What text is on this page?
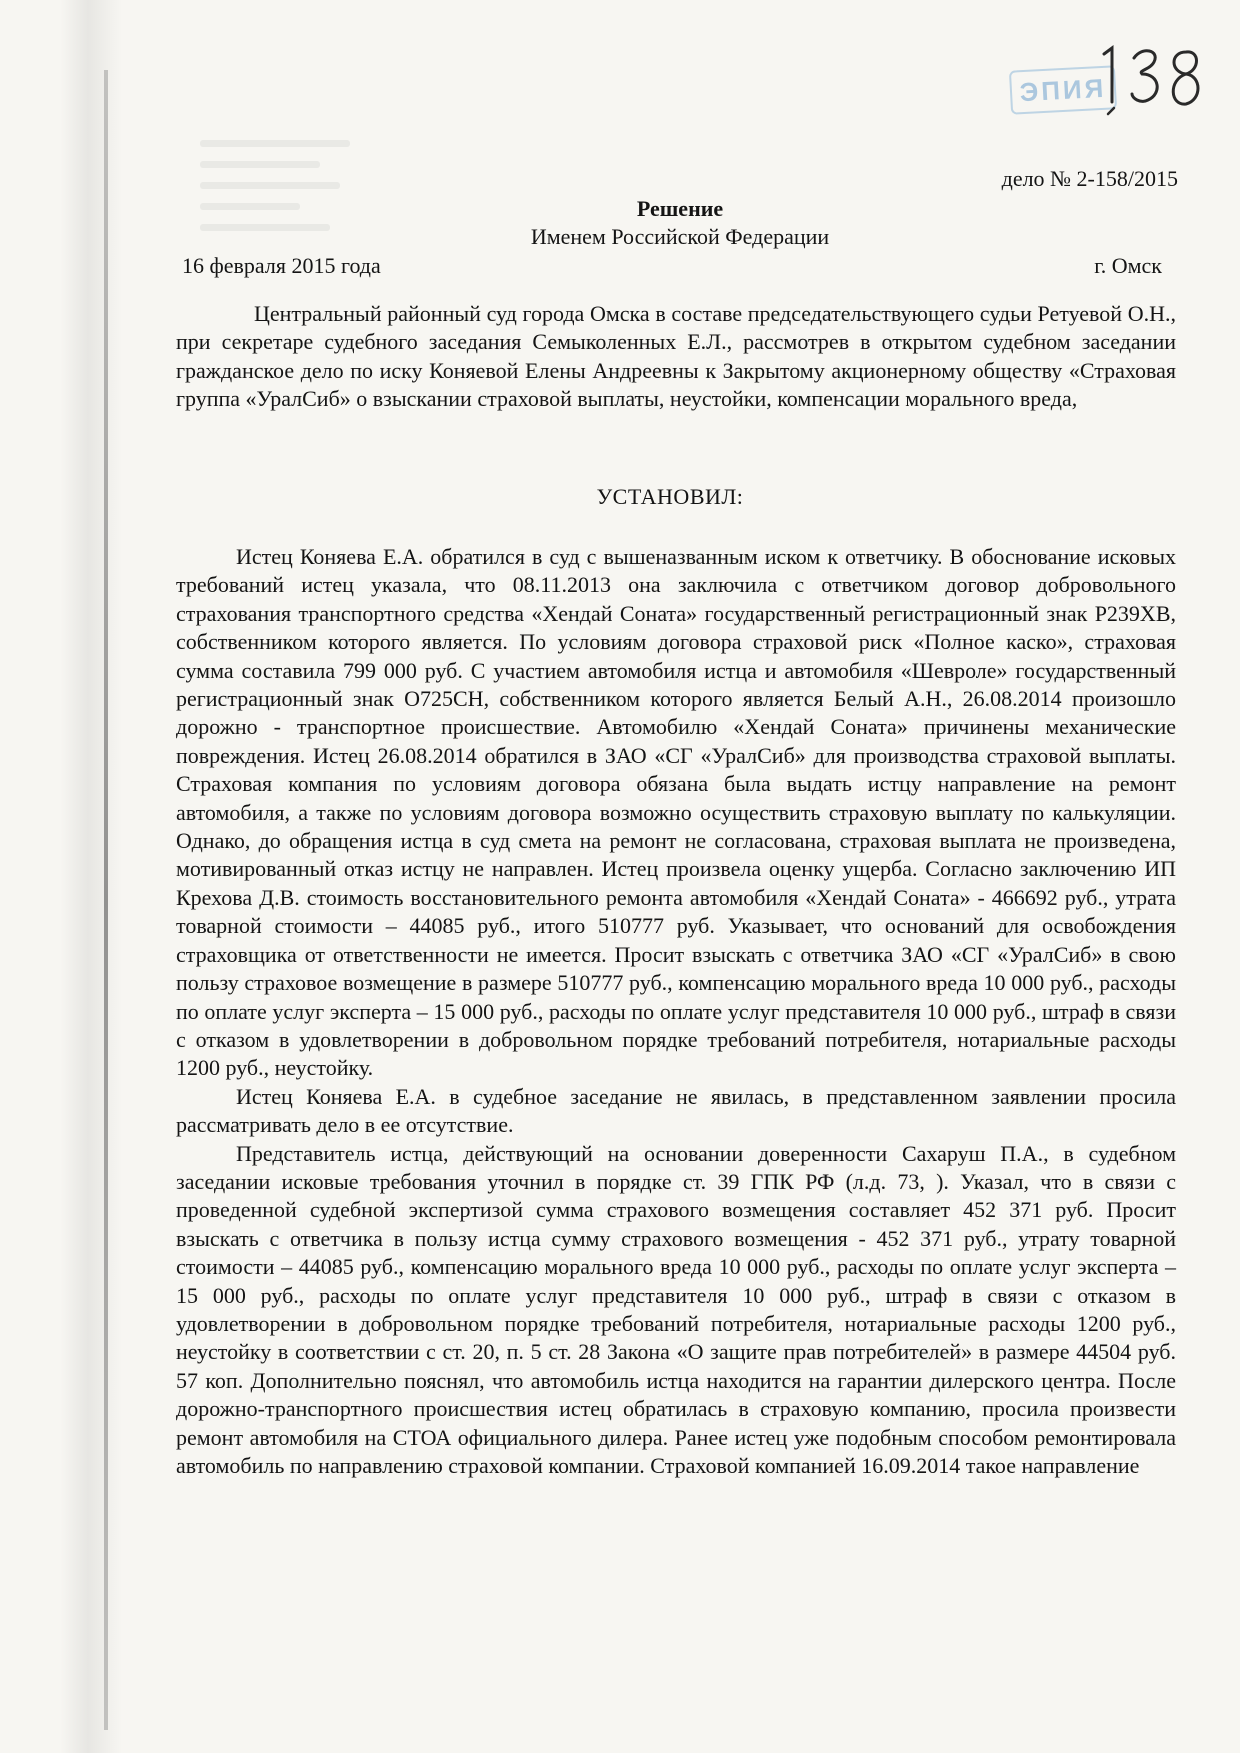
ЭПИЯ
дело № 2-158/2015
Решение
Именем Российской Федерации
16 февраля 2015 года	г. Омск

Центральный районный суд города Омска в составе председательствующего судьи Ретуевой О.Н., при секретаре судебного заседания Семыколенных Е.Л., рассмотрев в открытом судебном заседании гражданское дело по иску Коняевой Елены Андреевны к Закрытому акционерному обществу «Страховая группа «УралСиб» о взыскании страховой выплаты, неустойки, компенсации морального вреда,

УСТАНОВИЛ:

Истец Коняева Е.А. обратился в суд с вышеназванным иском к ответчику. В обоснование исковых требований истец указала, что 08.11.2013 она заключила с ответчиком договор добровольного страхования транспортного средства «Хендай Соната» государственный регистрационный знак Р239ХВ, собственником которого является. По условиям договора страховой риск «Полное каско», страховая сумма составила 799 000 руб. С участием автомобиля истца и автомобиля «Шевроле» государственный регистрационный знак О725СН, собственником которого является Белый А.Н., 26.08.2014 произошло дорожно - транспортное происшествие. Автомобилю «Хендай Соната» причинены механические повреждения. Истец 26.08.2014 обратился в ЗАО «СГ «УралСиб» для производства страховой выплаты. Страховая компания по условиям договора обязана была выдать истцу направление на ремонт автомобиля, а также по условиям договора возможно осуществить страховую выплату по калькуляции. Однако, до обращения истца в суд смета на ремонт не согласована, страховая выплата не произведена, мотивированный отказ истцу не направлен. Истец произвела оценку ущерба. Согласно заключению ИП Крехова Д.В. стоимость восстановительного ремонта автомобиля «Хендай Соната» - 466692 руб., утрата товарной стоимости – 44085 руб., итого 510777 руб. Указывает, что оснований для освобождения страховщика от ответственности не имеется. Просит взыскать с ответчика ЗАО «СГ «УралСиб» в свою пользу страховое возмещение в размере 510777 руб., компенсацию морального вреда 10 000 руб., расходы по оплате услуг эксперта – 15 000 руб., расходы по оплате услуг представителя 10 000 руб., штраф в связи с отказом в удовлетворении в добровольном порядке требований потребителя, нотариальные расходы 1200 руб., неустойку.

Истец Коняева Е.А. в судебное заседание не явилась, в представленном заявлении просила рассматривать дело в ее отсутствие.

Представитель истца, действующий на основании доверенности Сахаруш П.А., в судебном заседании исковые требования уточнил в порядке ст. 39 ГПК РФ (л.д. 73, ). Указал, что в связи с проведенной судебной экспертизой сумма страхового возмещения составляет 452 371 руб. Просит взыскать с ответчика в пользу истца сумму страхового возмещения - 452 371 руб., утрату товарной стоимости – 44085 руб., компенсацию морального вреда 10 000 руб., расходы по оплате услуг эксперта – 15 000 руб., расходы по оплате услуг представителя 10 000 руб., штраф в связи с отказом в удовлетворении в добровольном порядке требований потребителя, нотариальные расходы 1200 руб., неустойку в соответствии с ст. 20, п. 5 ст. 28 Закона «О защите прав потребителей» в размере 44504 руб. 57 коп. Дополнительно пояснял, что автомобиль истца находится на гарантии дилерского центра. После дорожно-транспортного происшествия истец обратилась в страховую компанию, просила произвести ремонт автомобиля на СТОА официального дилера. Ранее истец уже подобным способом ремонтировала автомобиль по направлению страховой компании. Страховой компанией 16.09.2014 такое направление
